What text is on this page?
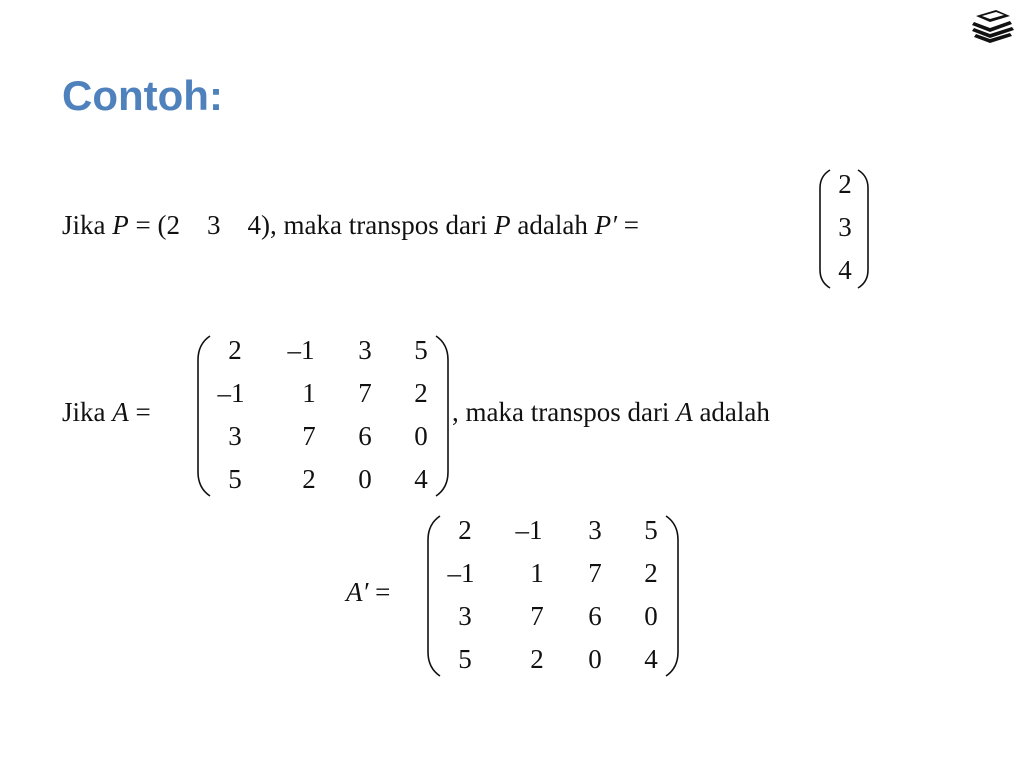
Contoh:
Jika P = (2 3 4), maka transpos dari P adalah P′ =
2
3
4
Jika A =
2	–1	3	5
–1	1	7	2
3	7	6	0
5	2	0	4
, maka transpos dari A adalah
A′ =
2	–1	3	5
–1	1	7	2
3	7	6	0
5	2	0	4
